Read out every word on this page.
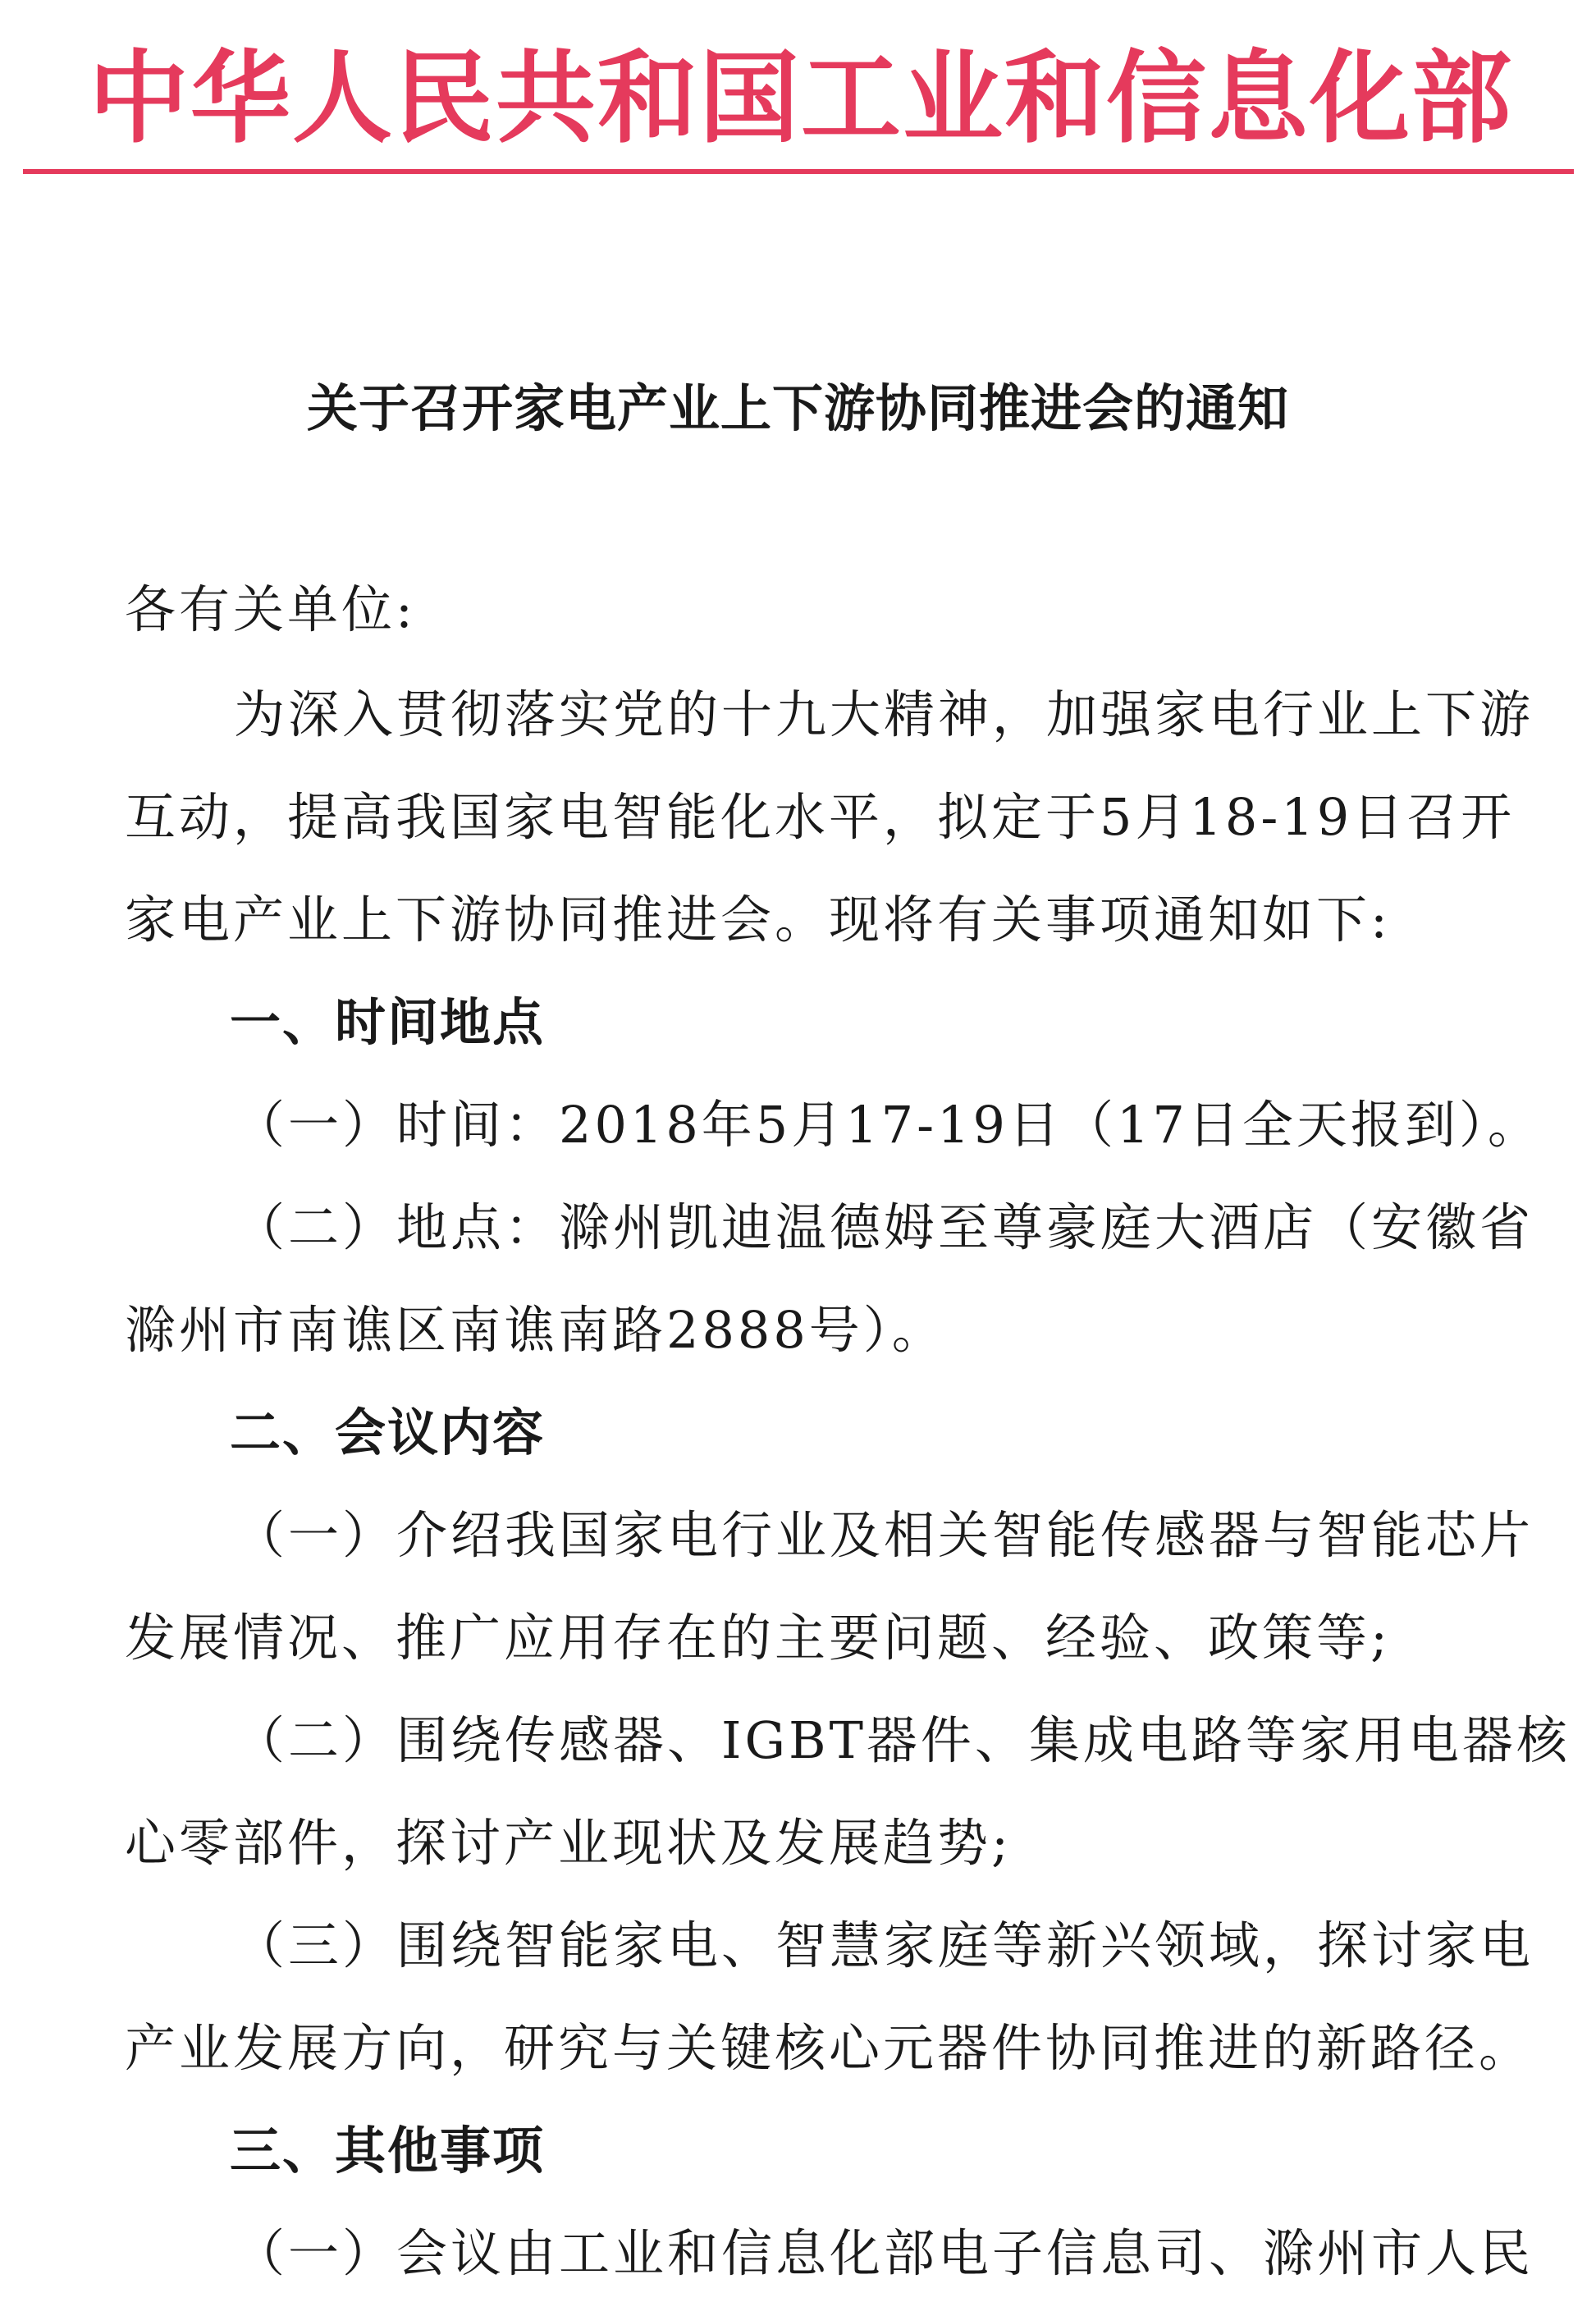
中华人民共和国工业和信息化部
关于召开家电产业上下游协同推进会的通知
各有关单位:
为深入贯彻落实党的十九大精神，加强家电行业上下游
互动，提高我国家电智能化水平，拟定于5月18-19日召开
家电产业上下游协同推进会。现将有关事项通知如下:
一、时间地点
（一）时间：2018年5月17-19日（17日全天报到）。
（二）地点：滁州凯迪温德姆至尊豪庭大酒店（安徽省
滁州市南谯区南谯南路2888号）。
二、会议内容
（一）介绍我国家电行业及相关智能传感器与智能芯片
发展情况、推广应用存在的主要问题、经验、政策等;
（二）围绕传感器、IGBT器件、集成电路等家用电器核
心零部件，探讨产业现状及发展趋势;
（三）围绕智能家电、智慧家庭等新兴领域，探讨家电
产业发展方向，研究与关键核心元器件协同推进的新路径。
三、其他事项
（一）会议由工业和信息化部电子信息司、滁州市人民
